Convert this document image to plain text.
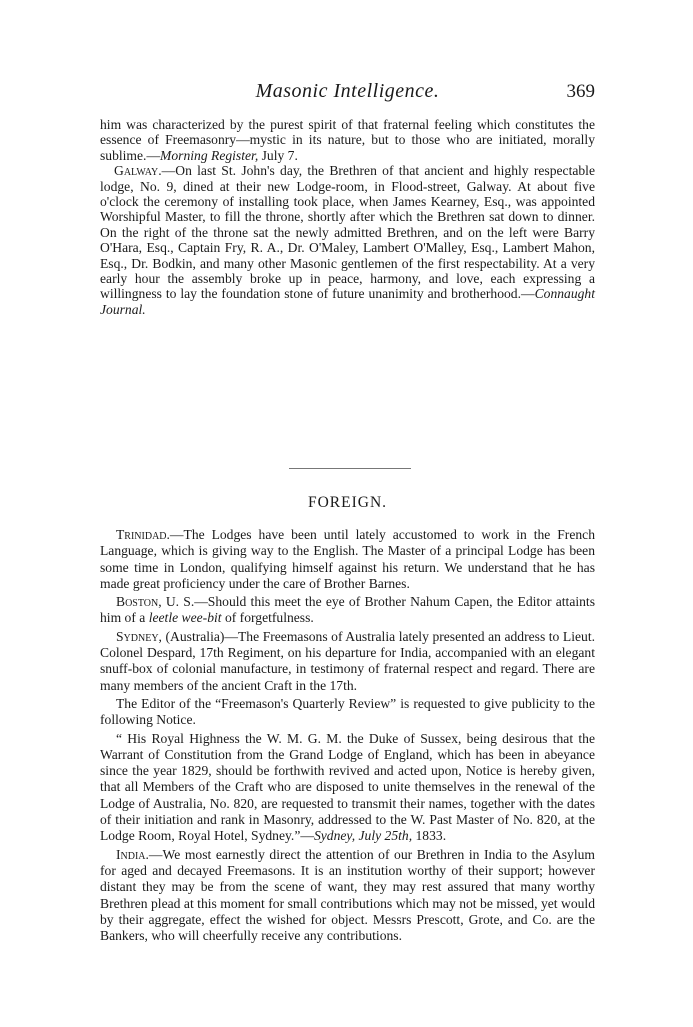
Masonic Intelligence.	369

him was characterized by the purest spirit of that fraternal feeling which constitutes the essence of Freemasonry—mystic in its nature, but to those who are initiated, morally sublime.—Morning Register, July 7.

Galway.—On last St. John's day, the Brethren of that ancient and highly respectable lodge, No. 9, dined at their new Lodge-room, in Flood-street, Galway. At about five o'clock the ceremony of installing took place, when James Kearney, Esq., was appointed Worshipful Master, to fill the throne, shortly after which the Brethren sat down to dinner. On the right of the throne sat the newly admitted Brethren, and on the left were Barry O'Hara, Esq., Captain Fry, R. A., Dr. O'Maley, Lambert O'Malley, Esq., Lambert Mahon, Esq., Dr. Bodkin, and many other Masonic gentlemen of the first respectability. At a very early hour the assembly broke up in peace, harmony, and love, each expressing a willingness to lay the foundation stone of future unanimity and brotherhood.—Connaught Journal.

FOREIGN.

Trinidad.—The Lodges have been until lately accustomed to work in the French Language, which is giving way to the English. The Master of a principal Lodge has been some time in London, qualifying himself against his return. We understand that he has made great proficiency under the care of Brother Barnes.

Boston, U. S.—Should this meet the eye of Brother Nahum Capen, the Editor attaints him of a leetle wee-bit of forgetfulness.

Sydney, (Australia)—The Freemasons of Australia lately presented an address to Lieut. Colonel Despard, 17th Regiment, on his departure for India, accompanied with an elegant snuff-box of colonial manufacture, in testimony of fraternal respect and regard. There are many members of the ancient Craft in the 17th.

The Editor of the “Freemason's Quarterly Review” is requested to give publicity to the following Notice.

“ His Royal Highness the W. M. G. M. the Duke of Sussex, being desirous that the Warrant of Constitution from the Grand Lodge of England, which has been in abeyance since the year 1829, should be forthwith revived and acted upon, Notice is hereby given, that all Members of the Craft who are disposed to unite themselves in the renewal of the Lodge of Australia, No. 820, are requested to transmit their names, together with the dates of their initiation and rank in Masonry, addressed to the W. Past Master of No. 820, at the Lodge Room, Royal Hotel, Sydney.”—Sydney, July 25th, 1833.

India.—We most earnestly direct the attention of our Brethren in India to the Asylum for aged and decayed Freemasons. It is an institution worthy of their support; however distant they may be from the scene of want, they may rest assured that many worthy Brethren plead at this moment for small contributions which may not be missed, yet would by their aggregate, effect the wished for object. Messrs Prescott, Grote, and Co. are the Bankers, who will cheerfully receive any contributions.
